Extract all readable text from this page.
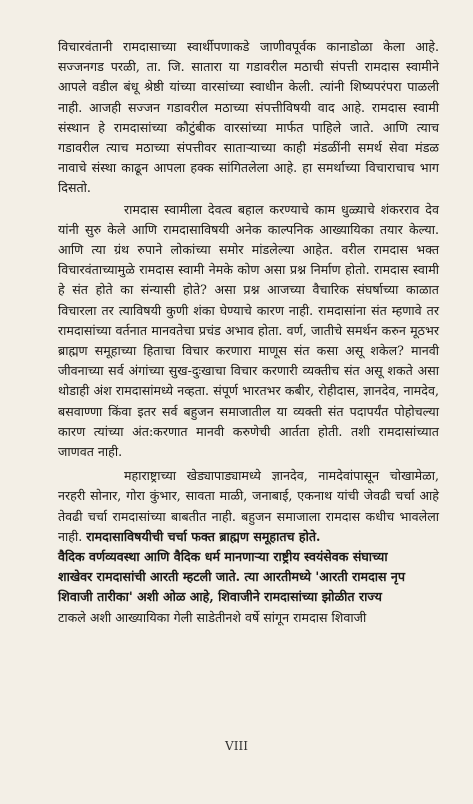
विचारवंतानी रामदासाच्या स्वार्थीपणाकडे जाणीवपूर्वक कानाडोळा केला आहे. सज्जनगड परळी, ता. जि. सातारा या गडावरील मठाची संपत्ती रामदास स्वामीने आपले वडील बंधू श्रेष्ठी यांच्या वारसांच्या स्वाधीन केली. त्यांनी शिष्यपरंपरा पाळली नाही. आजही सज्जन गडावरील मठाच्या संपत्तीविषयी वाद आहे. रामदास स्वामी संस्थान हे रामदासांच्या कौटुंबीक वारसांच्या मार्फत पाहिले जाते. आणि त्याच गडावरील त्याच मठाच्या संपत्तीवर साताऱ्याच्या काही मंडळींनी समर्थ सेवा मंडळ नावाचे संस्था काढून आपला हक्क सांगितलेला आहे. हा समर्थाच्या विचाराचाच भाग दिसतो.

रामदास स्वामीला देवत्व बहाल करण्याचे काम धुळ्याचे शंकरराव देव यांनी सुरु केले आणि रामदासाविषयी अनेक काल्पनिक आख्यायिका तयार केल्या. आणि त्या ग्रंथ रुपाने लोकांच्या समोर मांडलेल्या आहेत. वरील रामदास भक्त विचारवंताच्यामुळे रामदास स्वामी नेमके कोण असा प्रश्न निर्माण होतो. रामदास स्वामी हे संत होते का संन्यासी होते? असा प्रश्न आजच्या वैचारिक संघर्षाच्या काळात विचारला तर त्याविषयी कुणी शंका घेण्याचे कारण नाही. रामदासांना संत म्हणावे तर रामदासांच्या वर्तनात मानवतेचा प्रचंड अभाव होता. वर्ण, जातीचे समर्थन करुन मूठभर ब्राह्मण समूहाच्या हिताचा विचार करणारा माणूस संत कसा असू शकेल? मानवी जीवनाच्या सर्व अंगांच्या सुख-दुःखाचा विचार करणारी व्यक्तीच संत असू शकते असा थोडाही अंश रामदासांमध्ये नव्हता. संपूर्ण भारतभर कबीर, रोहीदास, ज्ञानदेव, नामदेव, बसवाण्णा किंवा इतर सर्व बहुजन समाजातील या व्यक्ती संत पदापर्यंत पोहोचल्या कारण त्यांच्या अंत:करणात मानवी करुणेची आर्तता होती. तशी रामदासांच्यात जाणवत नाही.

महाराष्ट्राच्या खेड्यापाड्यामध्ये ज्ञानदेव, नामदेवांपासून चोखामेळा, नरहरी सोनार, गोरा कुंभार, सावता माळी, जनाबाई, एकनाथ यांची जेवढी चर्चा आहे तेवढी चर्चा रामदासांच्या बाबतीत नाही. बहुजन समाजाला रामदास कधीच भावलेला नाही. रामदासाविषयीची चर्चा फक्त ब्राह्मण समूहातच होते.

वैदिक वर्णव्यवस्था आणि वैदिक धर्म मानणाऱ्या राष्ट्रीय स्वयंसेवक संघाच्या
शाखेवर रामदासांची आरती म्हटली जाते. त्या आरतीमध्ये 'आरती रामदास नृप
शिवाजी तारीका' अशी ओळ आहे, शिवाजीने रामदासांच्या झोळीत राज्य
टाकले अशी आख्यायिका गेली साडेतीनशे वर्षे सांगून रामदास शिवाजी
VIII
